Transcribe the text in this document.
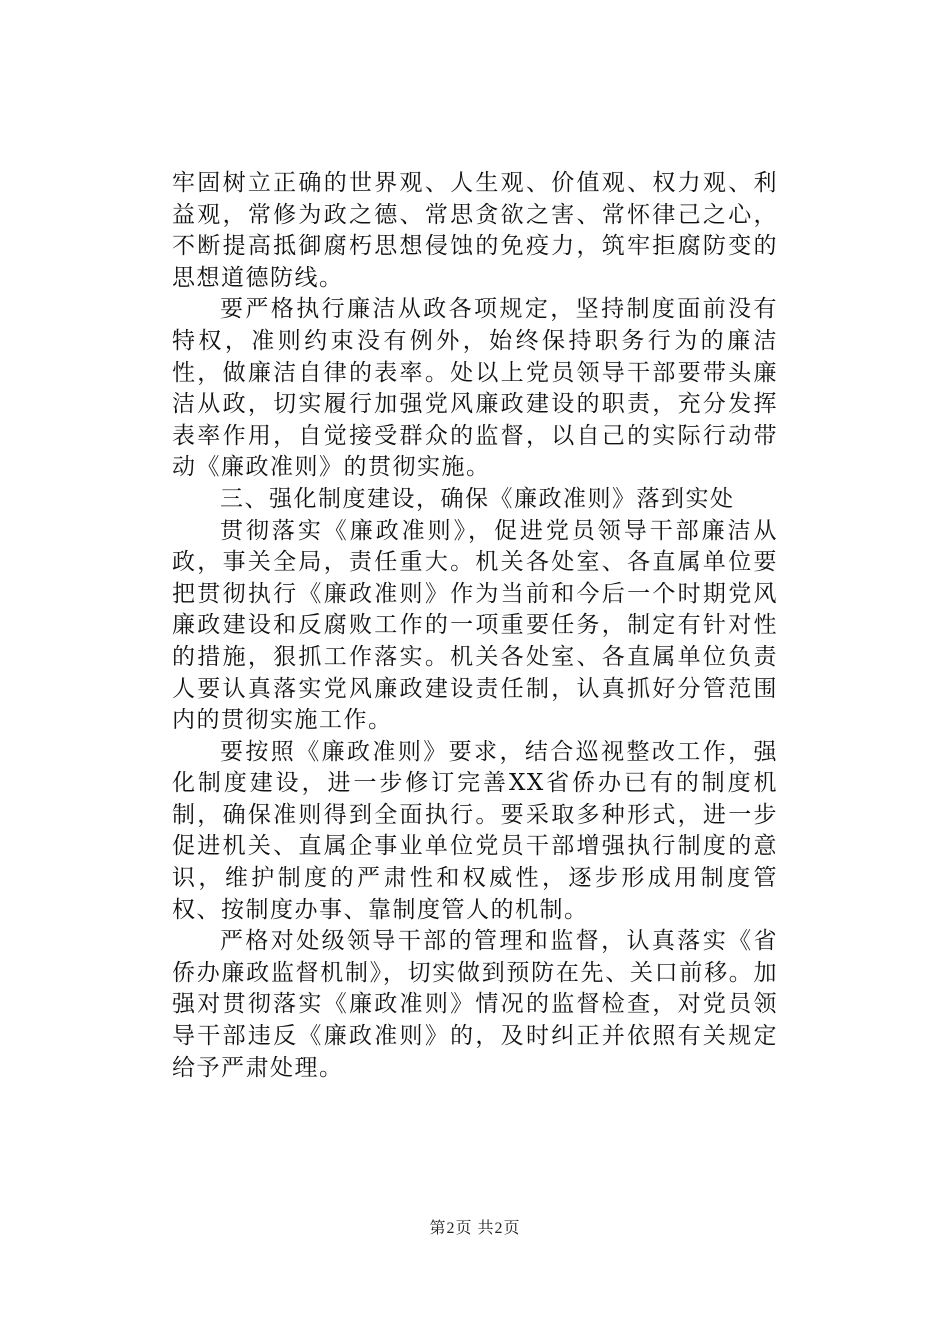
牢固树立正确的世界观、人生观、价值观、权力观、利益观，常修为政之德、常思贪欲之害、常怀律己之心，不断提高抵御腐朽思想侵蚀的免疫力，筑牢拒腐防变的思想道德防线。

要严格执行廉洁从政各项规定，坚持制度面前没有特权，准则约束没有例外，始终保持职务行为的廉洁性，做廉洁自律的表率。处以上党员领导干部要带头廉洁从政，切实履行加强党风廉政建设的职责，充分发挥表率作用，自觉接受群众的监督，以自己的实际行动带动《廉政准则》的贯彻实施。

三、强化制度建设，确保《廉政准则》落到实处

贯彻落实《廉政准则》，促进党员领导干部廉洁从政，事关全局，责任重大。机关各处室、各直属单位要把贯彻执行《廉政准则》作为当前和今后一个时期党风廉政建设和反腐败工作的一项重要任务，制定有针对性的措施，狠抓工作落实。机关各处室、各直属单位负责人要认真落实党风廉政建设责任制，认真抓好分管范围内的贯彻实施工作。

要按照《廉政准则》要求，结合巡视整改工作，强化制度建设，进一步修订完善XX省侨办已有的制度机制，确保准则得到全面执行。要采取多种形式，进一步促进机关、直属企事业单位党员干部增强执行制度的意识，维护制度的严肃性和权威性，逐步形成用制度管权、按制度办事、靠制度管人的机制。

严格对处级领导干部的管理和监督，认真落实《省侨办廉政监督机制》，切实做到预防在先、关口前移。加强对贯彻落实《廉政准则》情况的监督检查，对党员领导干部违反《廉政准则》的，及时纠正并依照有关规定给予严肃处理。

第2页 共2页
